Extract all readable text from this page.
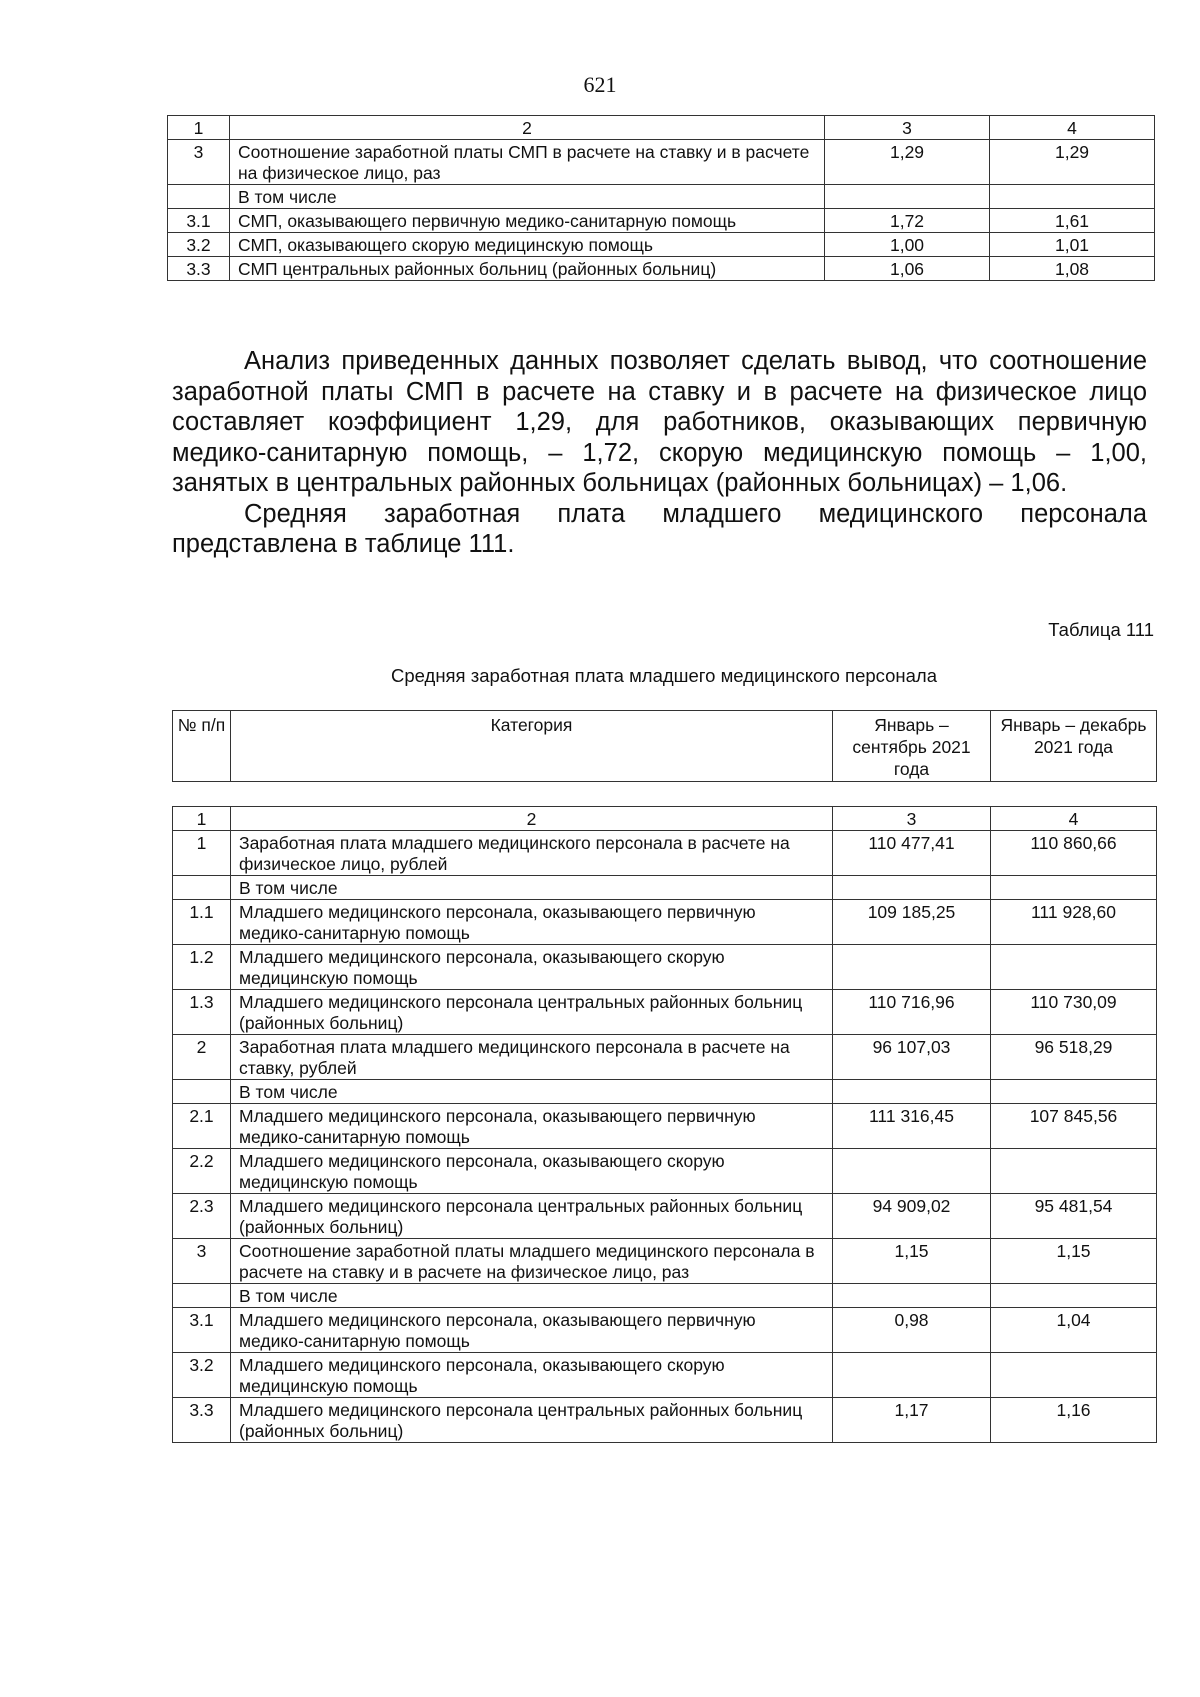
621
1	2	3	4
3	Соотношение заработной платы СМП в расчете на ставку и в расчете на физическое лицо, раз	1,29	1,29
	В том числе		
3.1	СМП, оказывающего первичную медико-санитарную помощь	1,72	1,61
3.2	СМП, оказывающего скорую медицинскую помощь	1,00	1,01
3.3	СМП центральных районных больниц (районных больниц)	1,06	1,08

Анализ приведенных данных позволяет сделать вывод, что соотношение заработной платы СМП в расчете на ставку и в расчете на физическое лицо составляет коэффициент 1,29, для работников, оказывающих первичную медико-санитарную помощь, – 1,72, скорую медицинскую помощь – 1,00, занятых в центральных районных больницах (районных больницах) – 1,06.

Средняя заработная плата младшего медицинского персонала представлена в таблице 111.

Таблица 111
Средняя заработная плата младшего медицинского персонала
№ п/п	Категория	Январь – сентябрь 2021 года	Январь – декабрь 2021 года
1	2	3	4
1	Заработная плата младшего медицинского персонала в расчете на физическое лицо, рублей	110 477,41	110 860,66
	В том числе		
1.1	Младшего медицинского персонала, оказывающего первичную медико-санитарную помощь	109 185,25	111 928,60
1.2	Младшего медицинского персонала, оказывающего скорую медицинскую помощь		
1.3	Младшего медицинского персонала центральных районных больниц (районных больниц)	110 716,96	110 730,09
2	Заработная плата младшего медицинского персонала в расчете на ставку, рублей	96 107,03	96 518,29
	В том числе		
2.1	Младшего медицинского персонала, оказывающего первичную медико-санитарную помощь	111 316,45	107 845,56
2.2	Младшего медицинского персонала, оказывающего скорую медицинскую помощь		
2.3	Младшего медицинского персонала центральных районных больниц (районных больниц)	94 909,02	95 481,54
3	Соотношение заработной платы младшего медицинского персонала в расчете на ставку и в расчете на физическое лицо, раз	1,15	1,15
	В том числе		
3.1	Младшего медицинского персонала, оказывающего первичную медико-санитарную помощь	0,98	1,04
3.2	Младшего медицинского персонала, оказывающего скорую медицинскую помощь		
3.3	Младшего медицинского персонала центральных районных больниц (районных больниц)	1,17	1,16
